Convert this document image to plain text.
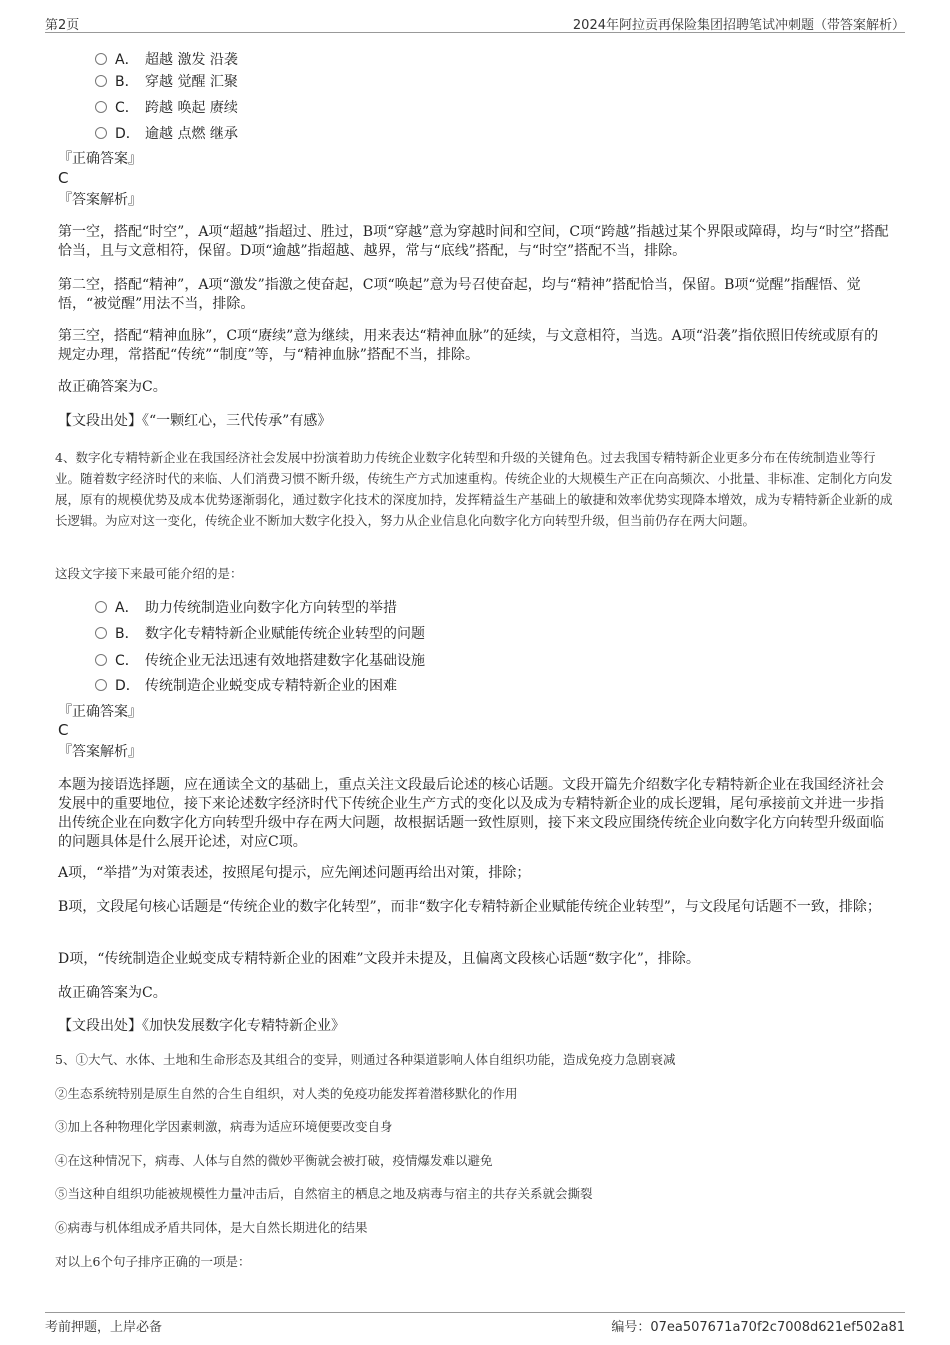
第2页	2024年阿拉贡再保险集团招聘笔试冲刺题（带答案解析）
A． 超越 激发 沿袭
B． 穿越 觉醒 汇聚
C． 跨越 唤起 赓续
D． 逾越 点燃 继承
『正确答案』
C
『答案解析』
第一空，搭配“时空”，A项“超越”指超过、胜过，B项“穿越”意为穿越时间和空间，C项“跨越”指越过某个界限或障碍，均与“时空”搭配恰当，且与文意相符，保留。D项“逾越”指超越、越界，常与“底线”搭配，与“时空”搭配不当，排除。
第二空，搭配“精神”，A项“激发”指激之使奋起，C项“唤起”意为号召使奋起，均与“精神”搭配恰当，保留。B项“觉醒”指醒悟、觉悟，“被觉醒”用法不当，排除。
第三空，搭配“精神血脉”，C项“赓续”意为继续，用来表达“精神血脉”的延续，与文意相符，当选。A项“沿袭”指依照旧传统或原有的规定办理，常搭配“传统”“制度”等，与“精神血脉”搭配不当，排除。
故正确答案为C。
【文段出处】《“一颗红心，三代传承”有感》
4、数字化专精特新企业在我国经济社会发展中扮演着助力传统企业数字化转型和升级的关键角色。过去我国专精特新企业更多分布在传统制造业等行业。随着数字经济时代的来临、人们消费习惯不断升级，传统生产方式加速重构。传统企业的大规模生产正在向高频次、小批量、非标准、定制化方向发展，原有的规模优势及成本优势逐渐弱化，通过数字化技术的深度加持，发挥精益生产基础上的敏捷和效率优势实现降本增效，成为专精特新企业新的成长逻辑。为应对这一变化，传统企业不断加大数字化投入，努力从企业信息化向数字化方向转型升级，但当前仍存在两大问题。
这段文字接下来最可能介绍的是：
A． 助力传统制造业向数字化方向转型的举措
B． 数字化专精特新企业赋能传统企业转型的问题
C． 传统企业无法迅速有效地搭建数字化基础设施
D． 传统制造企业蜕变成专精特新企业的困难
『正确答案』
C
『答案解析』
本题为接语选择题，应在通读全文的基础上，重点关注文段最后论述的核心话题。文段开篇先介绍数字化专精特新企业在我国经济社会发展中的重要地位，接下来论述数字经济时代下传统企业生产方式的变化以及成为专精特新企业的成长逻辑，尾句承接前文并进一步指出传统企业在向数字化方向转型升级中存在两大问题，故根据话题一致性原则，接下来文段应围绕传统企业向数字化方向转型升级面临的问题具体是什么展开论述，对应C项。
A项，“举措”为对策表述，按照尾句提示，应先阐述问题再给出对策，排除；
B项，文段尾句核心话题是“传统企业的数字化转型”，而非“数字化专精特新企业赋能传统企业转型”，与文段尾句话题不一致，排除；
D项，“传统制造企业蜕变成专精特新企业的困难”文段并未提及，且偏离文段核心话题“数字化”，排除。
故正确答案为C。
【文段出处】《加快发展数字化专精特新企业》
5、①大气、水体、土地和生命形态及其组合的变异，则通过各种渠道影响人体自组织功能，造成免疫力急剧衰减
②生态系统特别是原生自然的合生自组织，对人类的免疫功能发挥着潜移默化的作用
③加上各种物理化学因素刺激，病毒为适应环境便要改变自身
④在这种情况下，病毒、人体与自然的微妙平衡就会被打破，疫情爆发难以避免
⑤当这种自组织功能被规模性力量冲击后，自然宿主的栖息之地及病毒与宿主的共存关系就会撕裂
⑥病毒与机体组成矛盾共同体，是大自然长期进化的结果
对以上6个句子排序正确的一项是：
考前押题，上岸必备	编号：07ea507671a70f2c7008d621ef502a81
